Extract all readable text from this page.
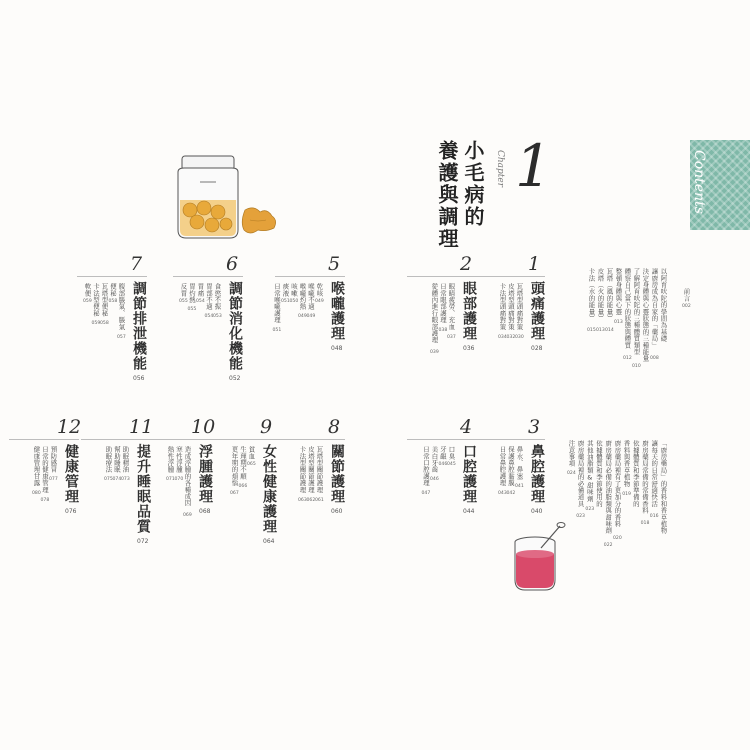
Contents
1
Chapter
小毛病的
養護與調理
前言
002
以阿育吠陀的學問為基礎
讓廚房成為自家的「藥局」
008
決定身體與心靈狀態的三種能量
了解阿育吠陀的三種體質類型
010
體察自己當下的狀態與體質
012
整頓身體與心靈
013
瓦塔（風的能量）
014
皮塔（火的能量）
013
卡法（水的能量）
015
「廚房藥局」的香料和香草植物
讓每天的日常舒適快活
016
廚房藥局常備的常備香料
018
依據體質和季節準備的
香料與香草植物
019
廚房藥局裡有了更加分的香料
020
廚房藥局必備的油脂類與甜味劑
022
依據體質和季節使用的
其他油脂類&甜味劑
023
廚房藥局裡的必備道具
023
注意事項
024
1
頭痛護理
028
瓦塔型頭痛對策
030
皮塔型頭痛對策
032
卡法型頭痛對策
034
2
眼部護理
036
眼睛疲勞、充血
037
日常眼部護理
038
從體內進行眼部護理
039
3
鼻腔護理
040
鼻水、鼻塞
041
保護鼻腔黏膜
042
日常鼻腔護理
043
4
口腔護理
044
口臭
045
牙齦
046
美白牙齒
046
日常口腔護理
047
5
喉嚨護理
048
乾咳
049
喉嚨不適
049
喉嚨灼熱
049
咳嗽
050
痰液
051
日常喉嚨護理
051
6
調節消化機能
052
食慾不振
053
胃部不適
054
胃痛
054
胃灼熱
055
反胃
055
7
調節排泄機能
056
腹部脹氣、脹氣
057
便秘
058
瓦塔型便秘
058
卡法型便秘
059
軟便
059
8
關節護理
060
瓦塔型關節護理
061
皮塔型關節護理
062
卡法型關節護理
063
9
女性健康護理
064
貧血
065
生理期不順
066
更年期的煩惱
067
10
浮腫護理
068
造成浮腫的各種成因
069
寒性浮腫
070
熱性浮腫
071
11
提升睡眠品質
072
助眠精油
073
幫助睡眠
074
助眠療法
075
12
健康管理
076
預防感冒
077
日常的健康管理
078
健康管理甘露
080
